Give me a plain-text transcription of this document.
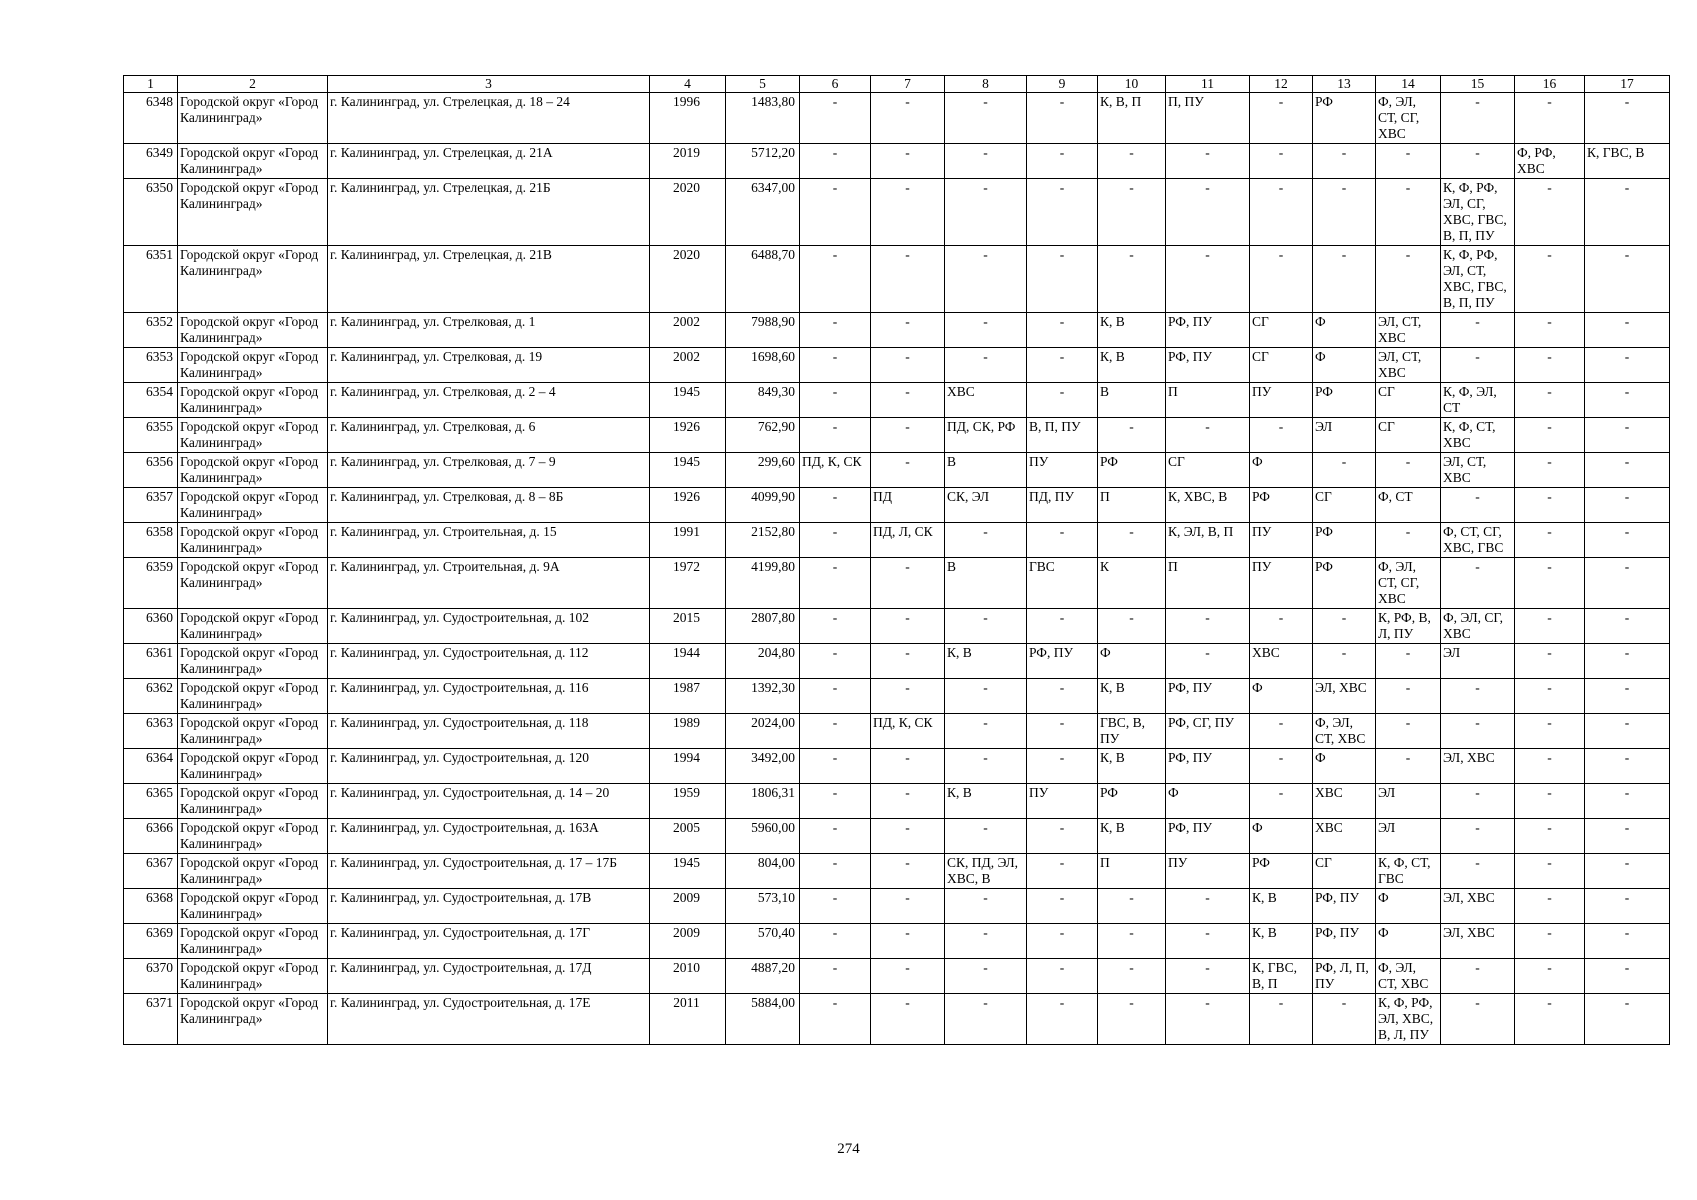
1	2	3	4	5	6	7	8	9	10	11	12	13	14	15	16	17
6348	Городской округ «Город Калининград»	г. Калининград, ул. Стрелецкая, д. 18 – 24	1996	1483,80	-	-	-	-	К, В, П	П, ПУ	-	РФ	Ф, ЭЛ, СТ, СГ, ХВС	-	-	-
6349	Городской округ «Город Калининград»	г. Калининград, ул. Стрелецкая, д. 21А	2019	5712,20	-	-	-	-	-	-	-	-	-	-	Ф, РФ, ХВС	К, ГВС, В
6350	Городской округ «Город Калининград»	г. Калининград, ул. Стрелецкая, д. 21Б	2020	6347,00	-	-	-	-	-	-	-	-	-	К, Ф, РФ, ЭЛ, СГ, ХВС, ГВС, В, П, ПУ	-	-
6351	Городской округ «Город Калининград»	г. Калининград, ул. Стрелецкая, д. 21В	2020	6488,70	-	-	-	-	-	-	-	-	-	К, Ф, РФ, ЭЛ, СТ, ХВС, ГВС, В, П, ПУ	-	-
6352	Городской округ «Город Калининград»	г. Калининград, ул. Стрелковая, д. 1	2002	7988,90	-	-	-	-	К, В	РФ, ПУ	СГ	Ф	ЭЛ, СТ, ХВС	-	-	-
6353	Городской округ «Город Калининград»	г. Калининград, ул. Стрелковая, д. 19	2002	1698,60	-	-	-	-	К, В	РФ, ПУ	СГ	Ф	ЭЛ, СТ, ХВС	-	-	-
6354	Городской округ «Город Калининград»	г. Калининград, ул. Стрелковая, д. 2 – 4	1945	849,30	-	-	ХВС	-	В	П	ПУ	РФ	СГ	К, Ф, ЭЛ, СТ	-	-
6355	Городской округ «Город Калининград»	г. Калининград, ул. Стрелковая, д. 6	1926	762,90	-	-	ПД, СК, РФ	В, П, ПУ	-	-	-	ЭЛ	СГ	К, Ф, СТ, ХВС	-	-
6356	Городской округ «Город Калининград»	г. Калининград, ул. Стрелковая, д. 7 – 9	1945	299,60	ПД, К, СК	-	В	ПУ	РФ	СГ	Ф	-	-	ЭЛ, СТ, ХВС	-	-
6357	Городской округ «Город Калининград»	г. Калининград, ул. Стрелковая, д. 8 – 8Б	1926	4099,90	-	ПД	СК, ЭЛ	ПД, ПУ	П	К, ХВС, В	РФ	СГ	Ф, СТ	-	-	-
6358	Городской округ «Город Калининград»	г. Калининград, ул. Строительная, д. 15	1991	2152,80	-	ПД, Л, СК	-	-	-	К, ЭЛ, В, П	ПУ	РФ	-	Ф, СТ, СГ, ХВС, ГВС	-	-
6359	Городской округ «Город Калининград»	г. Калининград, ул. Строительная, д. 9А	1972	4199,80	-	-	В	ГВС	К	П	ПУ	РФ	Ф, ЭЛ, СТ, СГ, ХВС	-	-	-
6360	Городской округ «Город Калининград»	г. Калининград, ул. Судостроительная, д. 102	2015	2807,80	-	-	-	-	-	-	-	-	К, РФ, В, Л, ПУ	Ф, ЭЛ, СГ, ХВС	-	-
6361	Городской округ «Город Калининград»	г. Калининград, ул. Судостроительная, д. 112	1944	204,80	-	-	К, В	РФ, ПУ	Ф	-	ХВС	-	-	ЭЛ	-	-
6362	Городской округ «Город Калининград»	г. Калининград, ул. Судостроительная, д. 116	1987	1392,30	-	-	-	-	К, В	РФ, ПУ	Ф	ЭЛ, ХВС	-	-	-	-
6363	Городской округ «Город Калининград»	г. Калининград, ул. Судостроительная, д. 118	1989	2024,00	-	ПД, К, СК	-	-	ГВС, В, ПУ	РФ, СГ, ПУ	-	Ф, ЭЛ, СТ, ХВС	-	-	-	-
6364	Городской округ «Город Калининград»	г. Калининград, ул. Судостроительная, д. 120	1994	3492,00	-	-	-	-	К, В	РФ, ПУ	-	Ф	-	ЭЛ, ХВС	-	-
6365	Городской округ «Город Калининград»	г. Калининград, ул. Судостроительная, д. 14 – 20	1959	1806,31	-	-	К, В	ПУ	РФ	Ф	-	ХВС	ЭЛ	-	-	-
6366	Городской округ «Город Калининград»	г. Калининград, ул. Судостроительная, д. 163А	2005	5960,00	-	-	-	-	К, В	РФ, ПУ	Ф	ХВС	ЭЛ	-	-	-
6367	Городской округ «Город Калининград»	г. Калининград, ул. Судостроительная, д. 17 – 17Б	1945	804,00	-	-	СК, ПД, ЭЛ, ХВС, В	-	П	ПУ	РФ	СГ	К, Ф, СТ, ГВС	-	-	-
6368	Городской округ «Город Калининград»	г. Калининград, ул. Судостроительная, д. 17В	2009	573,10	-	-	-	-	-	-	К, В	РФ, ПУ	Ф	ЭЛ, ХВС	-	-
6369	Городской округ «Город Калининград»	г. Калининград, ул. Судостроительная, д. 17Г	2009	570,40	-	-	-	-	-	-	К, В	РФ, ПУ	Ф	ЭЛ, ХВС	-	-
6370	Городской округ «Город Калининград»	г. Калининград, ул. Судостроительная, д. 17Д	2010	4887,20	-	-	-	-	-	-	К, ГВС, В, П	РФ, Л, П, ПУ	Ф, ЭЛ, СТ, ХВС	-	-	-
6371	Городской округ «Город Калининград»	г. Калининград, ул. Судостроительная, д. 17Е	2011	5884,00	-	-	-	-	-	-	-	-	К, Ф, РФ, ЭЛ, ХВС, В, Л, ПУ	-	-	-
274
